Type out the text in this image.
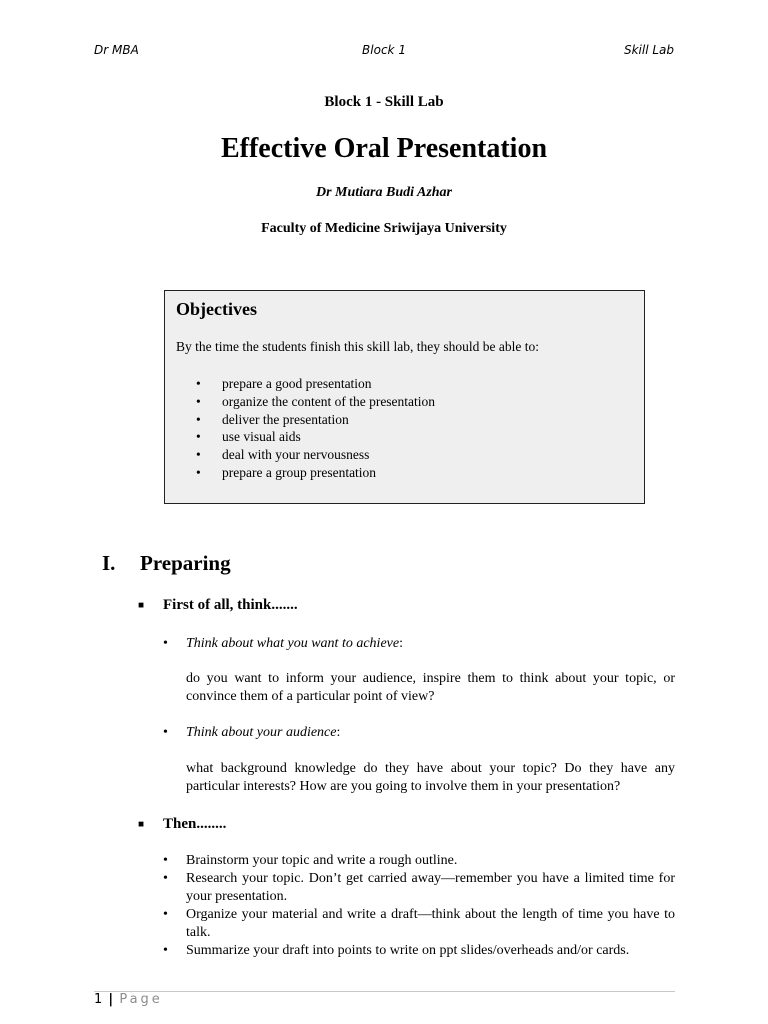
Dr MBA	Block 1	Skill Lab
Block 1 - Skill Lab
Effective Oral Presentation
Dr Mutiara Budi Azhar
Faculty of Medicine Sriwijaya University
Objectives
By the time the students finish this skill lab, they should be able to:
•	prepare a good presentation
•	organize the content of the presentation
•	deliver the presentation
•	use visual aids
•	deal with your nervousness
•	prepare a group presentation
I. Preparing
■ First of all, think.......
• Think about what you want to achieve:
do you want to inform your audience, inspire them to think about your topic, or convince them of a particular point of view?
• Think about your audience:
what background knowledge do they have about your topic? Do they have any particular interests? How are you going to involve them in your presentation?
■ Then........
• Brainstorm your topic and write a rough outline.
• Research your topic. Don’t get carried away—remember you have a limited time for your presentation.
• Organize your material and write a draft—think about the length of time you have to talk.
• Summarize your draft into points to write on ppt slides/overheads and/or cards.
1 | Page
